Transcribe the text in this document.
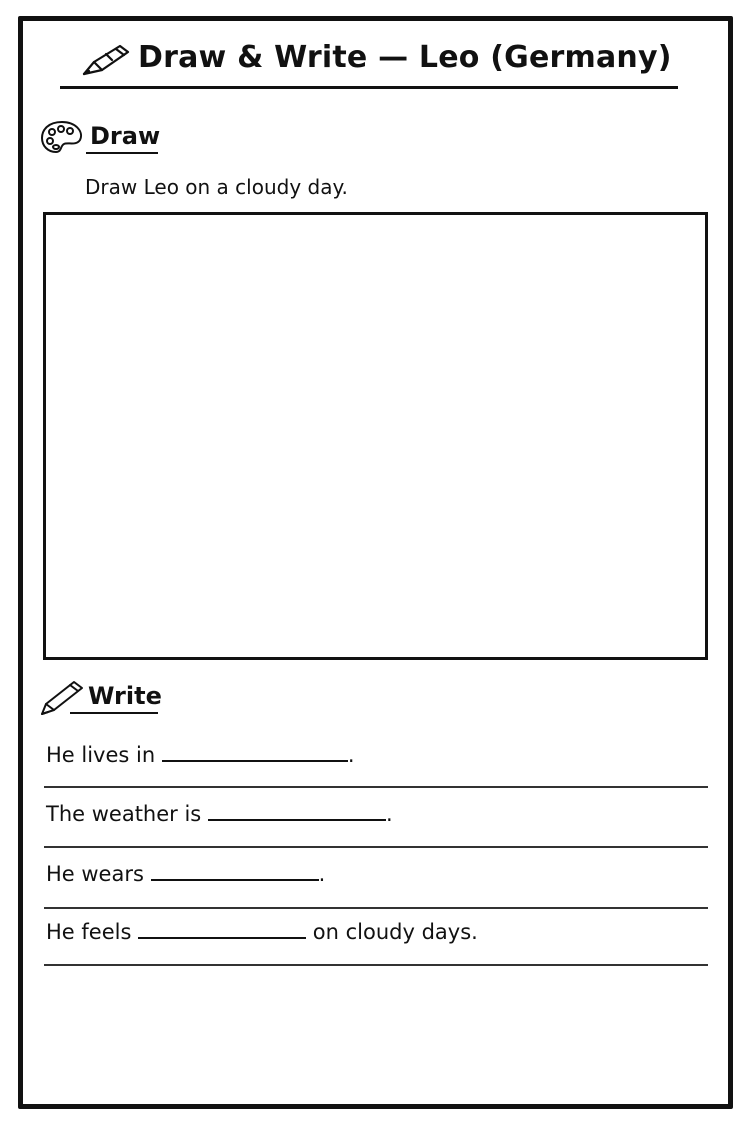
Draw & Write — Leo (Germany)
Draw
Draw Leo on a cloudy day.
Write
He lives in	.
The weather is	.
He wears	.
He feels	on cloudy days.
